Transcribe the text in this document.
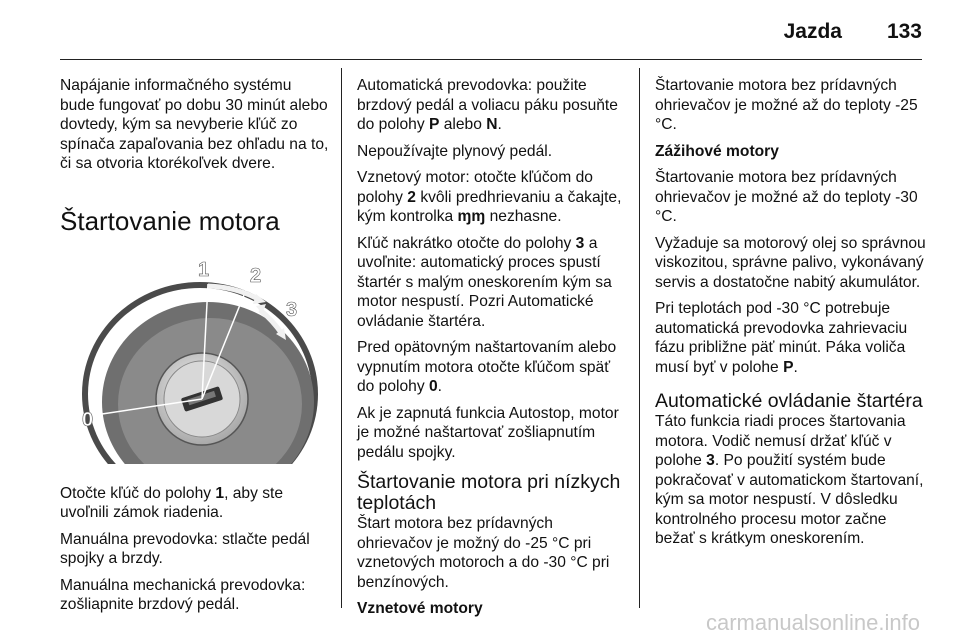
Jazda 133

Napájanie informačného systému bude fungovať po dobu 30 minút alebo dovtedy, kým sa nevyberie kľúč zo spínača zapaľovania bez ohľadu na to, či sa otvoria ktorékoľvek dvere.

Štartovanie motora
0
1 2
3

Otočte kľúč do polohy 1, aby ste uvoľnili zámok riadenia.

Manuálna prevodovka: stlačte pedál spojky a brzdy.

Manuálna mechanická prevodovka: zošliapnite brzdový pedál.

Automatická prevodovka: použite brzdový pedál a voliacu páku posuňte do polohy P alebo N.

Nepoužívajte plynový pedál.

Vznetový motor: otočte kľúčom do polohy 2 kvôli predhrievaniu a čakajte, kým kontrolka ɱɱ nezhasne.

Kľúč nakrátko otočte do polohy 3 a uvoľnite: automatický proces spustí štartér s malým oneskorením kým sa motor nespustí. Pozri Automatické ovládanie štartéra.

Pred opätovným naštartovaním alebo vypnutím motora otočte kľúčom späť do polohy 0.

Ak je zapnutá funkcia Autostop, motor je možné naštartovať zošliapnutím pedálu spojky.

Štartovanie motora pri nízkych teplotách

Štart motora bez prídavných ohrievačov je možný do -25 °C pri vznetových motoroch a do -30 °C pri benzínových.

Vznetové motory

Štartovanie motora bez prídavných ohrievačov je možné až do teploty -25 °C.

Zážihové motory

Štartovanie motora bez prídavných ohrievačov je možné až do teploty -30 °C.

Vyžaduje sa motorový olej so správnou viskozitou, správne palivo, vykonávaný servis a dostatočne nabitý akumulátor.

Pri teplotách pod -30 °C potrebuje automatická prevodovka zahrievaciu fázu približne päť minút. Páka voliča musí byť v polohe P.

Automatické ovládanie štartéra

Táto funkcia riadi proces štartovania motora. Vodič nemusí držať kľúč v polohe 3. Po použití systém bude pokračovať v automatickom štartovaní, kým sa motor nespustí. V dôsledku kontrolného procesu motor začne bežať s krátkym oneskorením.

carmanualsonline.info
